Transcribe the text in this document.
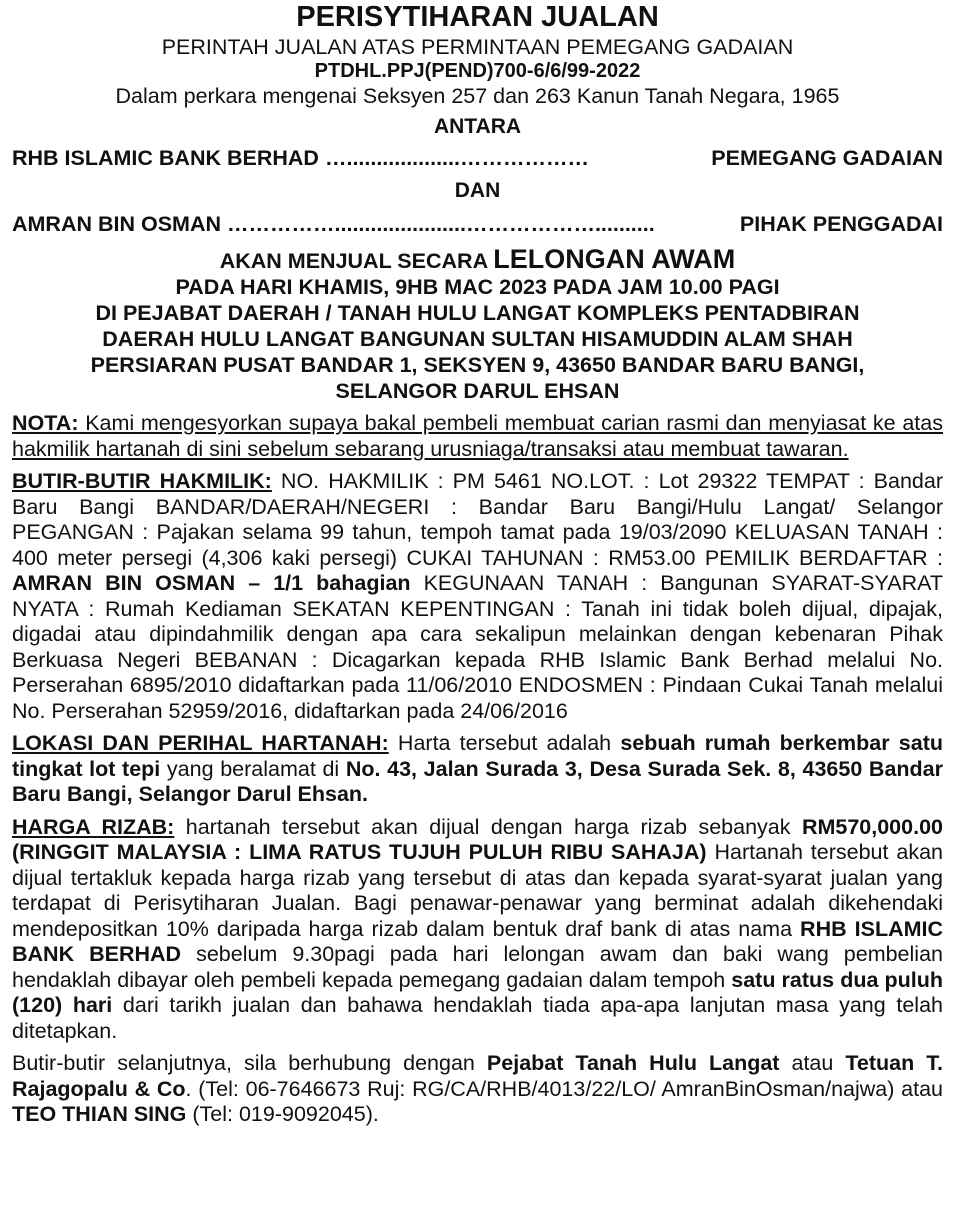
PERISYTIHARAN JUALAN
PERINTAH JUALAN ATAS PERMINTAAN PEMEGANG GADAIAN
PTDHL.PPJ(PEND)700-6/6/99-2022
Dalam perkara mengenai Seksyen 257 dan 263 Kanun Tanah Negara, 1965
ANTARA
RHB ISLAMIC BANK BERHAD …...................………………	PEMEGANG GADAIAN
DAN
AMRAN BIN OSMAN ……………......................………………..........	PIHAK PENGGADAI
AKAN MENJUAL SECARA LELONGAN AWAM
PADA HARI KHAMIS, 9HB MAC 2023 PADA JAM 10.00 PAGI
DI PEJABAT DAERAH / TANAH HULU LANGAT KOMPLEKS PENTADBIRAN
DAERAH HULU LANGAT BANGUNAN SULTAN HISAMUDDIN ALAM SHAH
PERSIARAN PUSAT BANDAR 1, SEKSYEN 9, 43650 BANDAR BARU BANGI,
SELANGOR DARUL EHSAN

NOTA: Kami mengesyorkan supaya bakal pembeli membuat carian rasmi dan menyiasat ke atas hakmilik hartanah di sini sebelum sebarang urusniaga/transaksi atau membuat tawaran.

BUTIR-BUTIR HAKMILIK: NO. HAKMILIK : PM 5461 NO.LOT. : Lot 29322 TEMPAT : Bandar Baru Bangi BANDAR/DAERAH/NEGERI : Bandar Baru Bangi/Hulu Langat/ Selangor PEGANGAN : Pajakan selama 99 tahun, tempoh tamat pada 19/03/2090 KELUASAN TANAH : 400 meter persegi (4,306 kaki persegi) CUKAI TAHUNAN : RM53.00 PEMILIK BERDAFTAR : AMRAN BIN OSMAN – 1/1 bahagian KEGUNAAN TANAH : Bangunan SYARAT-SYARAT NYATA : Rumah Kediaman SEKATAN KEPENTINGAN : Tanah ini tidak boleh dijual, dipajak, digadai atau dipindahmilik dengan apa cara sekalipun melainkan dengan kebenaran Pihak Berkuasa Negeri BEBANAN : Dicagarkan kepada RHB Islamic Bank Berhad melalui No. Perserahan 6895/2010 didaftarkan pada 11/06/2010 ENDOSMEN : Pindaan Cukai Tanah melalui No. Perserahan 52959/2016, didaftarkan pada 24/06/2016

LOKASI DAN PERIHAL HARTANAH: Harta tersebut adalah sebuah rumah berkembar satu tingkat lot tepi yang beralamat di No. 43, Jalan Surada 3, Desa Surada Sek. 8, 43650 Bandar Baru Bangi, Selangor Darul Ehsan.

HARGA RIZAB: hartanah tersebut akan dijual dengan harga rizab sebanyak RM570,000.00 (RINGGIT MALAYSIA : LIMA RATUS TUJUH PULUH RIBU SAHAJA) Hartanah tersebut akan dijual tertakluk kepada harga rizab yang tersebut di atas dan kepada syarat-syarat jualan yang terdapat di Perisytiharan Jualan. Bagi penawar-penawar yang berminat adalah dikehendaki mendepositkan 10% daripada harga rizab dalam bentuk draf bank di atas nama RHB ISLAMIC BANK BERHAD sebelum 9.30pagi pada hari lelongan awam dan baki wang pembelian hendaklah dibayar oleh pembeli kepada pemegang gadaian dalam tempoh satu ratus dua puluh (120) hari dari tarikh jualan dan bahawa hendaklah tiada apa-apa lanjutan masa yang telah ditetapkan.

Butir-butir selanjutnya, sila berhubung dengan Pejabat Tanah Hulu Langat atau Tetuan T. Rajagopalu & Co. (Tel: 06-7646673 Ruj: RG/CA/RHB/4013/22/LO/ AmranBinOsman/najwa) atau TEO THIAN SING (Tel: 019-9092045).
